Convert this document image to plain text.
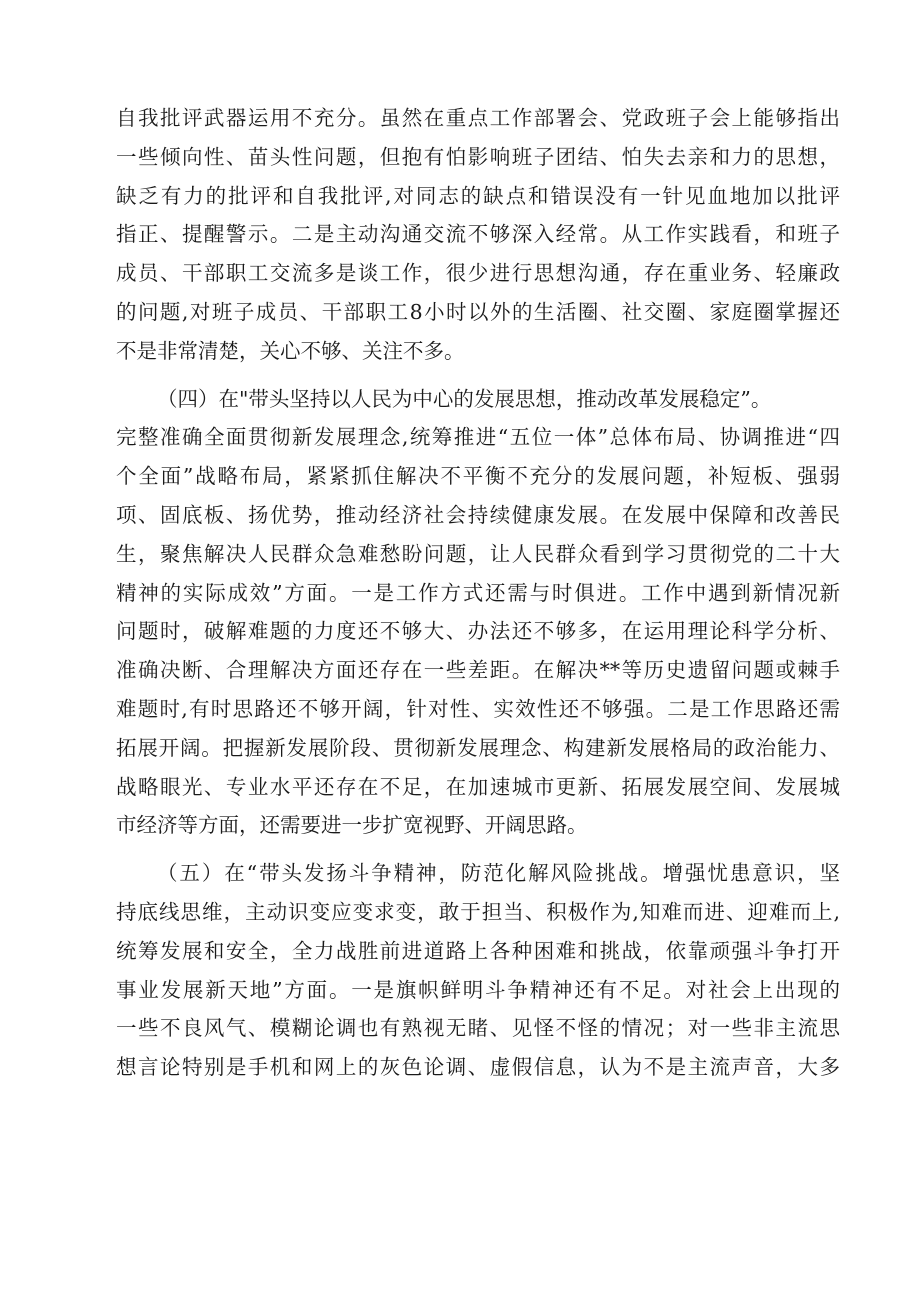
自我批评武器运用不充分。虽然在重点工作部署会、党政班子会上能够指出
一些倾向性、苗头性问题，但抱有怕影响班子团结、怕失去亲和力的思想，
缺乏有力的批评和自我批评,对同志的缺点和错误没有一针见血地加以批评
指正、提醒警示。二是主动沟通交流不够深入经常。从工作实践看，和班子
成员、干部职工交流多是谈工作，很少进行思想沟通，存在重业务、轻廉政
的问题,对班子成员、干部职工8小时以外的生活圈、社交圈、家庭圈掌握还
不是非常清楚，关心不够、关注不多。
（四）在"带头坚持以人民为中心的发展思想，推动改革发展稳定”。
完整准确全面贯彻新发展理念,统筹推进“五位一体”总体布局、协调推进“四
个全面”战略布局，紧紧抓住解决不平衡不充分的发展问题，补短板、强弱
项、固底板、扬优势，推动经济社会持续健康发展。在发展中保障和改善民
生，聚焦解决人民群众急难愁盼问题，让人民群众看到学习贯彻党的二十大
精神的实际成效”方面。一是工作方式还需与时俱进。工作中遇到新情况新
问题时，破解难题的力度还不够大、办法还不够多，在运用理论科学分析、
准确决断、合理解决方面还存在一些差距。在解决**等历史遗留问题或棘手
难题时,有时思路还不够开阔，针对性、实效性还不够强。二是工作思路还需
拓展开阔。把握新发展阶段、贯彻新发展理念、构建新发展格局的政治能力、
战略眼光、专业水平还存在不足，在加速城市更新、拓展发展空间、发展城
市经济等方面，还需要进一步扩宽视野、开阔思路。
（五）在“带头发扬斗争精神，防范化解风险挑战。增强忧患意识，坚
持底线思维，主动识变应变求变，敢于担当、积极作为,知难而进、迎难而上,
统筹发展和安全，全力战胜前进道路上各种困难和挑战，依靠顽强斗争打开
事业发展新天地”方面。一是旗帜鲜明斗争精神还有不足。对社会上出现的
一些不良风气、模糊论调也有熟视无睹、见怪不怪的情况；对一些非主流思
想言论特别是手机和网上的灰色论调、虚假信息，认为不是主流声音，大多
